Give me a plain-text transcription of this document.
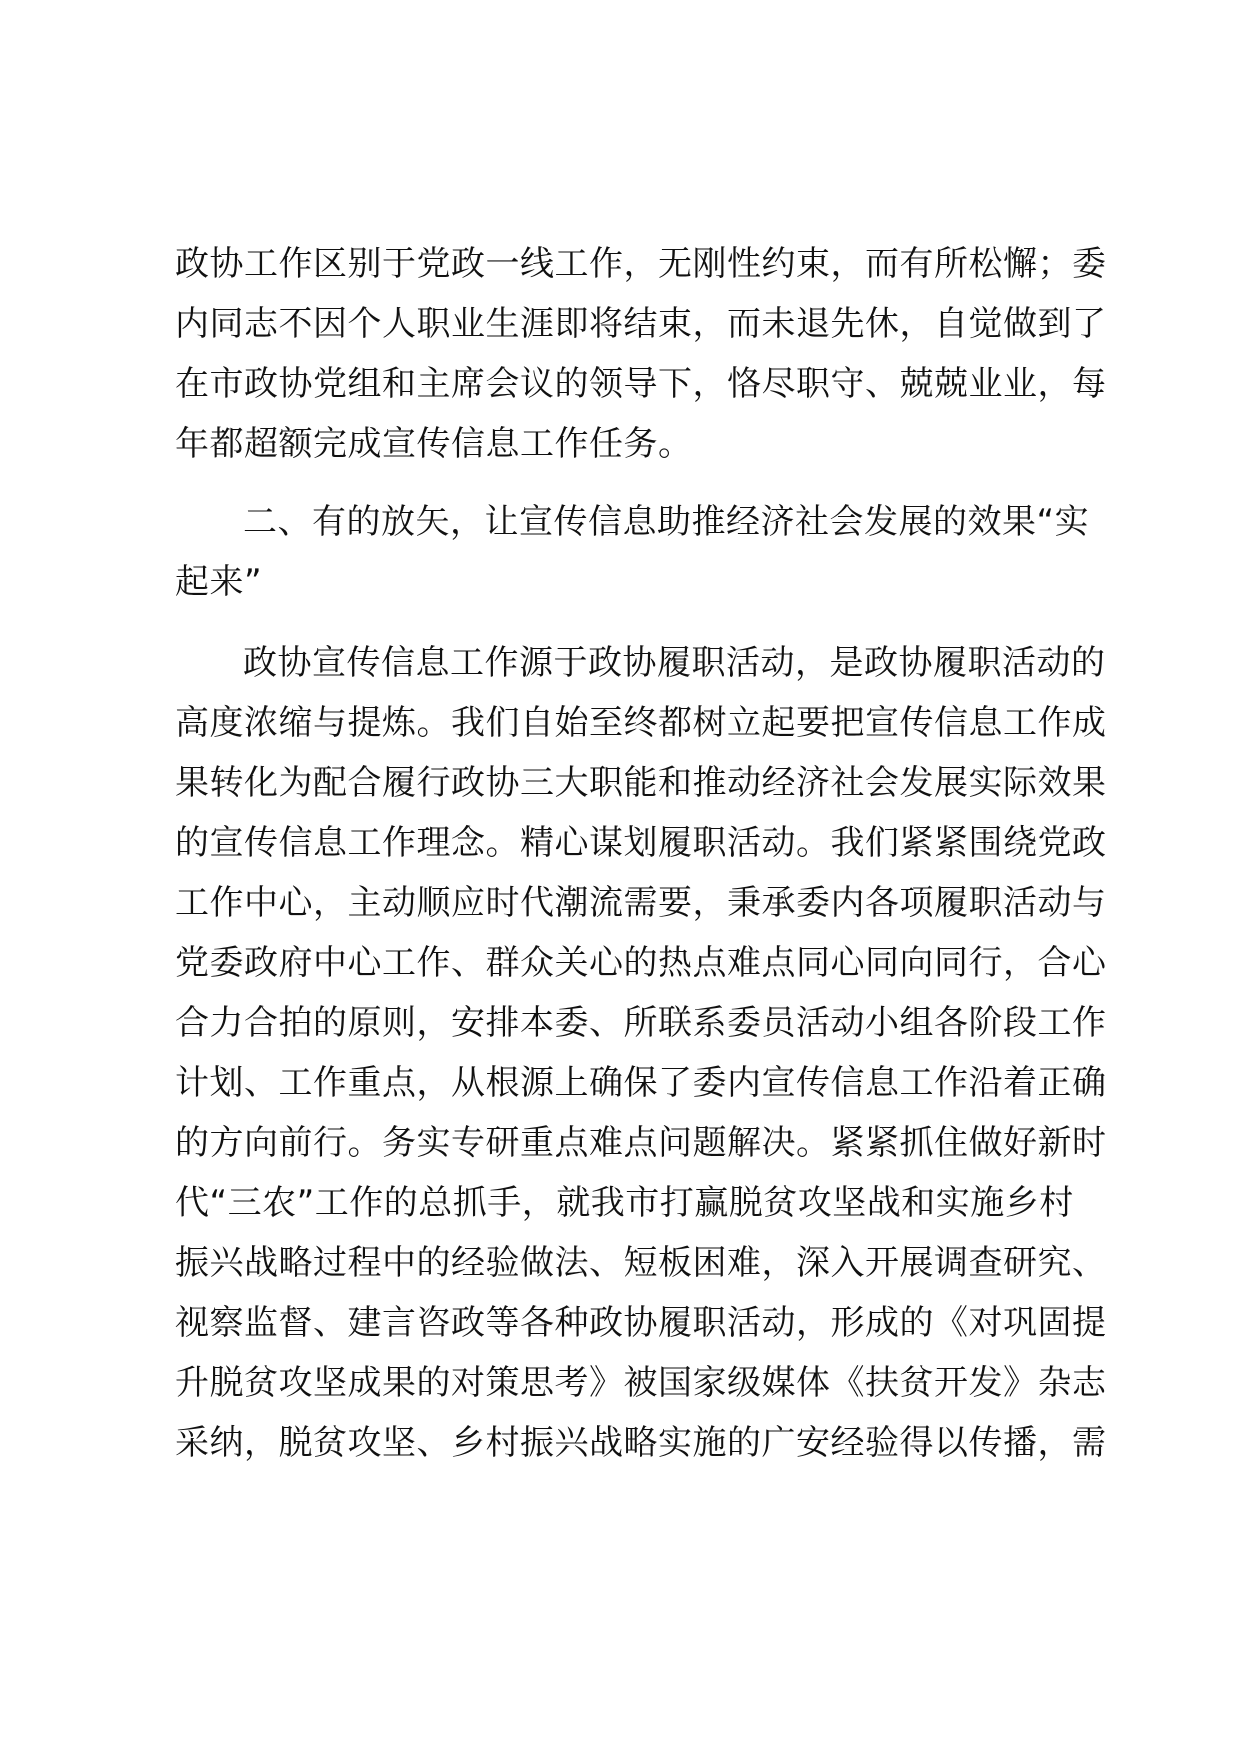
政协工作区别于党政一线工作，无刚性约束，而有所松懈；委
内同志不因个人职业生涯即将结束，而未退先休，自觉做到了
在市政协党组和主席会议的领导下，恪尽职守、兢兢业业，每
年都超额完成宣传信息工作任务。
二、有的放矢，让宣传信息助推经济社会发展的效果“实
起来”
政协宣传信息工作源于政协履职活动，是政协履职活动的
高度浓缩与提炼。我们自始至终都树立起要把宣传信息工作成
果转化为配合履行政协三大职能和推动经济社会发展实际效果
的宣传信息工作理念。精心谋划履职活动。我们紧紧围绕党政
工作中心，主动顺应时代潮流需要，秉承委内各项履职活动与
党委政府中心工作、群众关心的热点难点同心同向同行，合心
合力合拍的原则，安排本委、所联系委员活动小组各阶段工作
计划、工作重点，从根源上确保了委内宣传信息工作沿着正确
的方向前行。务实专研重点难点问题解决。紧紧抓住做好新时
代“三农”工作的总抓手，就我市打赢脱贫攻坚战和实施乡村
振兴战略过程中的经验做法、短板困难，深入开展调查研究、
视察监督、建言咨政等各种政协履职活动，形成的《对巩固提
升脱贫攻坚成果的对策思考》被国家级媒体《扶贫开发》杂志
采纳，脱贫攻坚、乡村振兴战略实施的广安经验得以传播，需
